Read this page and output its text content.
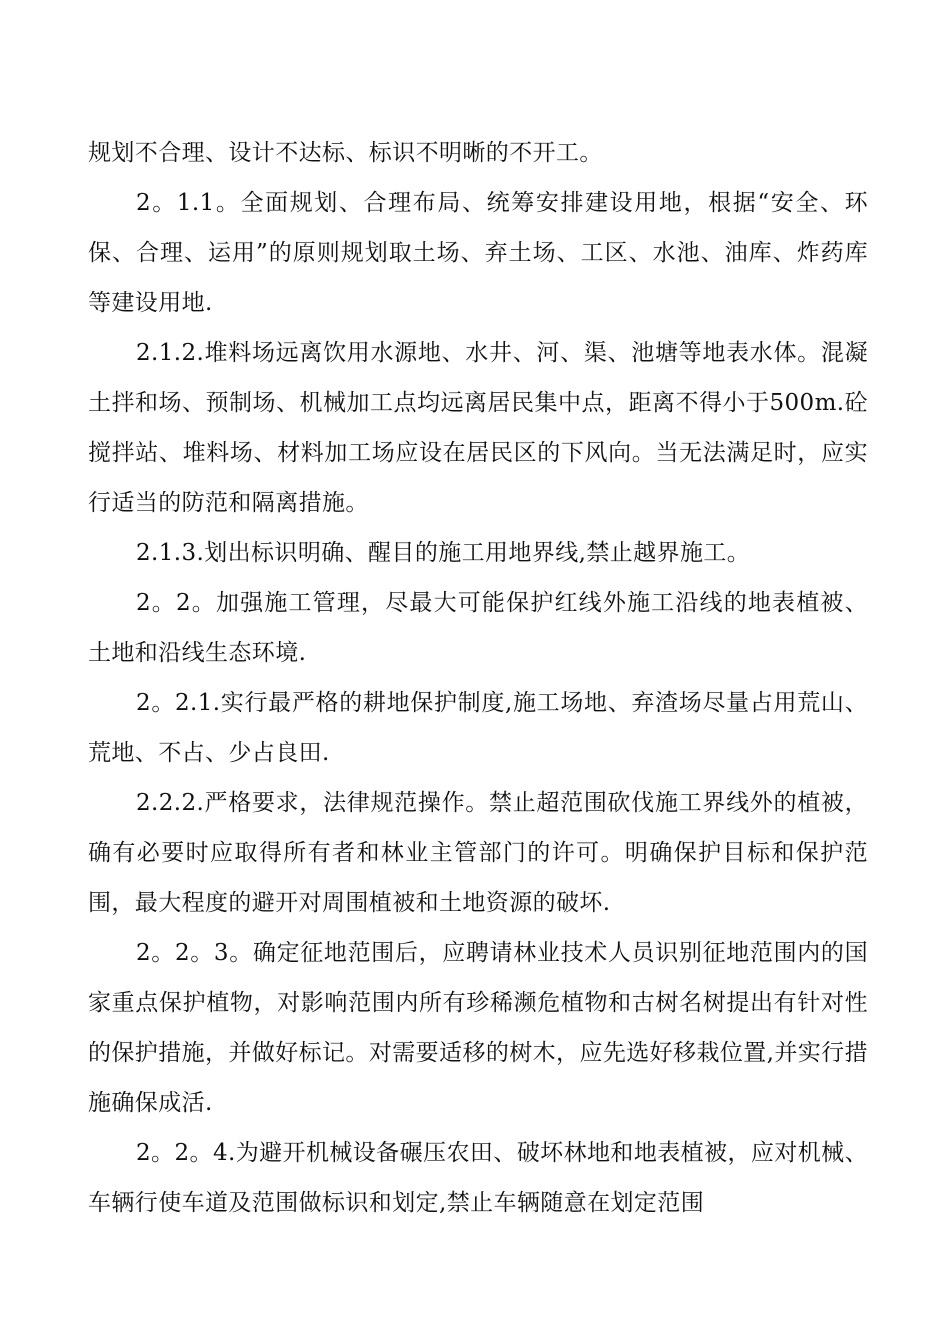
规划不合理、设计不达标、标识不明晰的不开工。

2。1.1。全面规划、合理布局、统筹安排建设用地，根据“安全、环保、合理、运用”的原则规划取土场、弃土场、工区、水池、油库、炸药库等建设用地.

2.1.2.堆料场远离饮用水源地、水井、河、渠、池塘等地表水体。混凝土拌和场、预制场、机械加工点均远离居民集中点，距离不得小于500m.砼搅拌站、堆料场、材料加工场应设在居民区的下风向。当无法满足时，应实行适当的防范和隔离措施。

2.1.3.划出标识明确、醒目的施工用地界线,禁止越界施工。

2。2。加强施工管理，尽最大可能保护红线外施工沿线的地表植被、土地和沿线生态环境.

2。2.1.实行最严格的耕地保护制度,施工场地、弃渣场尽量占用荒山、荒地、不占、少占良田.

2.2.2.严格要求，法律规范操作。禁止超范围砍伐施工界线外的植被，确有必要时应取得所有者和林业主管部门的许可。明确保护目标和保护范围，最大程度的避开对周围植被和土地资源的破坏.

2。2。3。确定征地范围后，应聘请林业技术人员识别征地范围内的国家重点保护植物，对影响范围内所有珍稀濒危植物和古树名树提出有针对性的保护措施，并做好标记。对需要适移的树木，应先选好移栽位置,并实行措施确保成活.

2。2。4.为避开机械设备碾压农田、破坏林地和地表植被，应对机械、车辆行使车道及范围做标识和划定,禁止车辆随意在划定范围
